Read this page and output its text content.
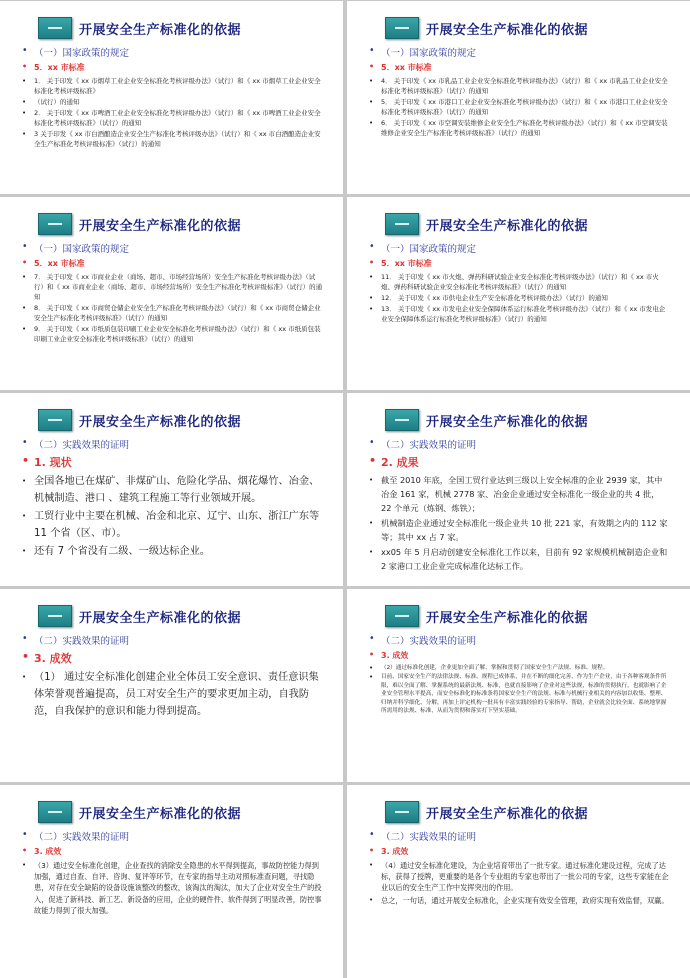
开展安全生产标准化的依据
• （一）国家政策的规定
• 5．xx 市标准
•	1． 关于印发《 xx 市烟草工业企业安全标准化考核评级办法》（试行）和《 xx 市烟草工业企业安全标准化考核评级标准》
•	（试行）的通知
•	2． 关于印发《 xx 市啤酒工业企业安全标准化考核评级办法》（试行）和《 xx 市啤酒工业企业安全标准化考核评级标准》（试行）的通知
•	3 关于印发《 xx 市白酒酿造企业安全生产标准化考核评级办法》（试行）和《 xx 市白酒酿造企业安全生产标准化考核评级标准》（试行）的通知
开展安全生产标准化的依据
• （一）国家政策的规定
• 5．xx 市标准
•	4． 关于印发《 xx 市乳品工业企业安全标准化考核评级办法》（试行）和《 xx 市乳品工业企业安全标准化考核评级标准》（试行）的通知
•	5． 关于印发《 xx 市港口工业企业安全标准化考核评级办法》（试行）和《 xx 市港口工业企业安全标准化考核评级标准》（试行）的通知
•	6． 关于印发《 xx 市空调安装维修企业安全生产标准化考核评级办法》（试行）和《 xx 市空调安装维修企业安全生产标准化考核评级标准》（试行）的通知
开展安全生产标准化的依据
• （一）国家政策的规定
• 5．xx 市标准
•	7． 关于印发《 xx 市商业企业（商场、超市、市场经营场所）安全生产标准化考核评级办法》（试行）和《 xx 市商业企业（商场、超市、市场经营场所）安全生产标准化考核评级标准》（试行）的通知
•	8． 关于印发《 xx 市商贸仓储企业安全生产标准化考核评级办法》（试行）和《 xx 市商贸仓储企业安全生产标准化考核评级标准》（试行）的通知
•	9． 关于印发《 xx 市纸质包装印刷工业企业安全标准化考核评级办法》（试行）和《 xx 市纸质包装印刷工业企业安全标准化考核评级标准》（试行）的通知
开展安全生产标准化的依据
• （一）国家政策的规定
• 5．xx 市标准
•	11． 关于印发《 xx 市火炮、弹药科研试验企业安全标准化考核评级办法》（试行）和《 xx 市火炮、弹药科研试验企业安全标准化考核评级标准》（试行）的通知
•	12． 关于印发《 xx 市供电企业生产安全标准化考核评级办法》（试行）的通知
•	13． 关于印发《 xx 市发电企业安全保障体系运行标准化考核评级办法》（试行）和《 xx 市发电企业安全保障体系运行标准化考核评级标准》（试行）的通知
开展安全生产标准化的依据
• （二）实践效果的证明
• 1. 现状
• 全国各地已在煤矿、非煤矿山、危险化学品、烟花爆竹、冶金、机械制造、港口 、建筑工程施工等行业领域开展。
• 工贸行业中主要在机械、冶金和北京、辽宁、山东、浙江广东等 11 个省（区、市）。
• 还有 7 个省没有二级、一级达标企业。
开展安全生产标准化的依据
• （二）实践效果的证明
• 2. 成果
• 截至 2010 年底，全国工贸行业达到三级以上安全标准的企业 2939 家，其中冶金 161 家，机械 2778 家、冶金企业通过安全标准化一级企业的共 4 批， 22 个单元（炼钢、炼铁）；
• 机械制造企业通过安全标准化一级企业共 10 批 221 家，有效期之内的 112 家等；其中 xx 占 7 家。
• xx05 年 5 月启动创建安全标准化工作以来，目前有 92 家规模机械制造企业和 2 家港口工业企业完成标准化达标工作。
开展安全生产标准化的依据
• （二）实践效果的证明
• 3. 成效
• （1） 通过安全标准化创建企业全体员工安全意识、责任意识集体荣誉观普遍提高，员工对安全生产的要求更加主动，自我防范，自我保护的意识和能力得到提高。
开展安全生产标准化的依据
• （二）实践效果的证明
• 3. 成效
•	（2）通过标准化创建，企业更加全面了解、掌握和贯彻了国家安全生产法规、标准、规程。
•	目前，国家安全生产的法律法规、标准、规程已成体系，并在不断的细化完善，作为生产企业，由于各种客观条件所限，难以全面了解、掌握系统的最新法规、标准，也就直接影响了企业对这些法规，标准的贯彻执行，也就影响了企业安全管理水平提高，而安全标准化的标准条将国家安全生产的法规、标准与机械行业相关的内容加以收集、整理、归纳并科学细化、分解，再加上评定机构一批具有丰富实践经验的专家指导、帮助，企业就会比较全面、系统地掌握所需用的法规、标准，从而为贯彻和落实打下坚实基础。
开展安全生产标准化的依据
• （二）实践效果的证明
• 3. 成效
•	（3）通过安全标准化创建，企业查找的消除安全隐患的水平得到提高，事故防控能力得到加强，通过自查、自评、咨询、复评等环节，在专家的指导主动对照标准查问题，寻找隐患，对存在安全缺陷的设备设施该整改的整改，该淘汰的淘汰，加大了企业对安全生产的投入，促进了新科技、新工艺、新设备的应用，企业的硬件件、软件得到了明显改善，防控事故能力得到了很大加强。
开展安全生产标准化的依据
• （二）实践效果的证明
• 3. 成效
•	（4）通过安全标准化建设，为企业培育带出了一批专家。通过标准化建设过程，完成了达标，获得了授牌，更重要的是各个专业组的专家也带出了一批公司的专家，这些专家能在企业以后的安全生产工作中发挥突出的作用。
•	总之，一句话，通过开展安全标准化，企业实现有效安全管理，政府实现有效监督，双赢。
